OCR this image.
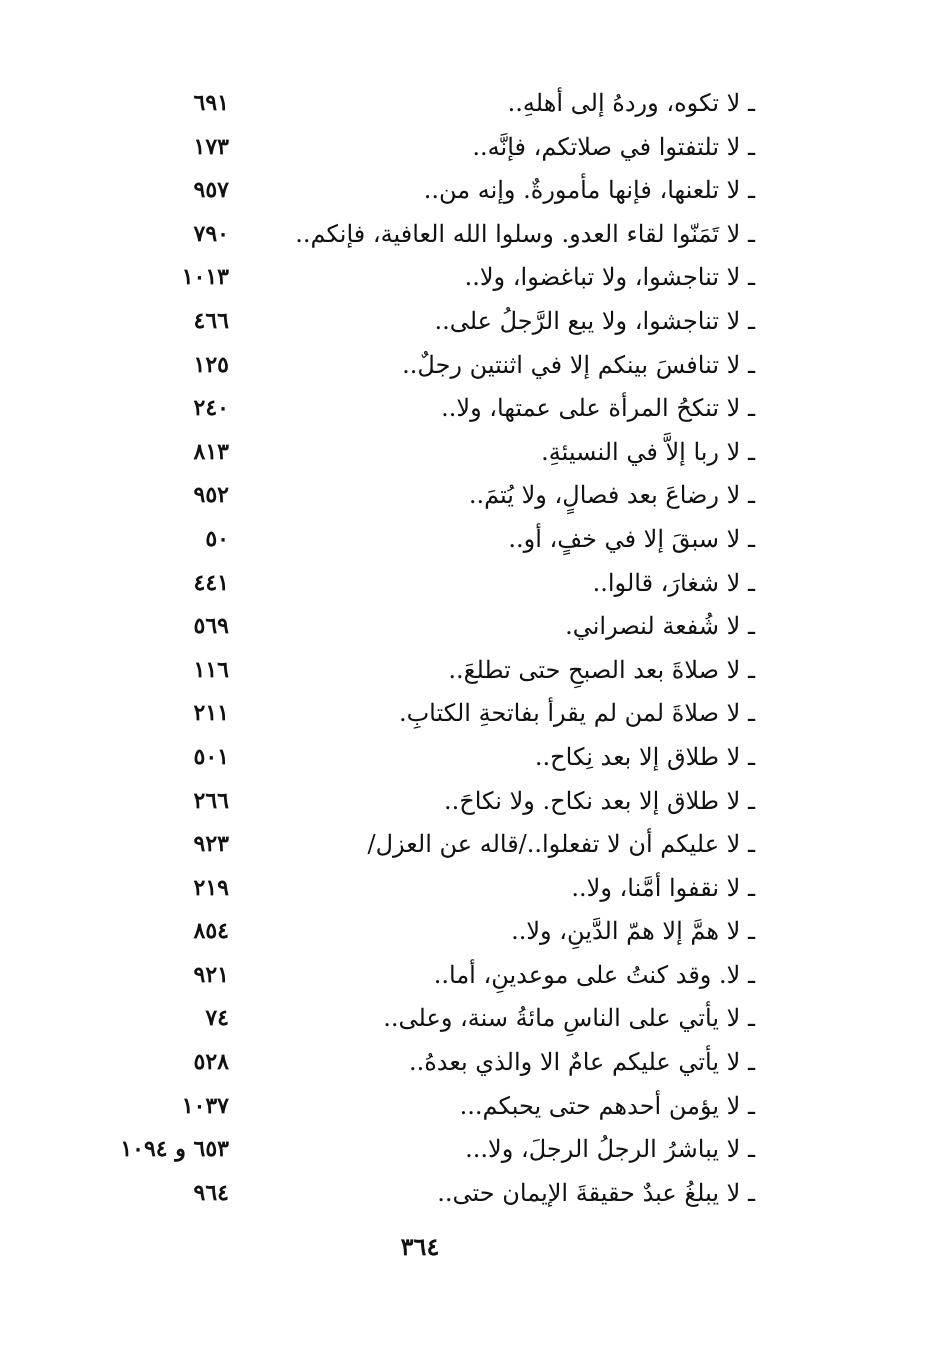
ـ لا تكوه، وردهُ إلى أهلهِ..
٦٩١
ـ لا تلتفتوا في صلاتكم، فإنَّه..
١٧٣
ـ لا تلعنها، فإنها مأمورةٌ. وإنه من..
٩٥٧
ـ لا تَمَنّوا لقاء العدو. وسلوا الله العافية، فإنكم..
٧٩٠
ـ لا تناجشوا، ولا تباغضوا، ولا..
١٠١٣
ـ لا تناجشوا، ولا يبع الرَّجلُ على..
٤٦٦
ـ لا تنافسَ بينكم إلا في اثنتين رجلٌ..
١٢٥
ـ لا تنكحُ المرأة على عمتها، ولا..
٢٤٠
ـ لا ربا إلاَّ في النسيئةِ.
٨١٣
ـ لا رضاعَ بعد فصالٍ، ولا يُتمَ..
٩٥٢
ـ لا سبقَ إلا في خفٍ، أو..
٥٠
ـ لا شغارَ، قالوا..
٤٤١
ـ لا شُفعة لنصراني.
٥٦٩
ـ لا صلاةَ بعد الصبحِ حتى تطلعَ..
١١٦
ـ لا صلاةَ لمن لم يقرأ بفاتحةِ الكتابِ.
٢١١
ـ لا طلاق إلا بعد نِكاح..
٥٠١
ـ لا طلاق إلا بعد نكاح. ولا نكاحَ..
٢٦٦
ـ لا عليكم أن لا تفعلوا../قاله عن العزل/
٩٢٣
ـ لا نقفوا أمَّنا، ولا..
٢١٩
ـ لا همَّ إلا همّ الدَّينِ، ولا..
٨٥٤
ـ لا. وقد كنتُ على موعدينِ، أما..
٩٢١
ـ لا يأتي على الناسِ مائةُ سنة، وعلى..
٧٤
ـ لا يأتي عليكم عامٌ الا والذي بعدهُ..
٥٢٨
ـ لا يؤمن أحدهم حتى يحبكم...
١٠٣٧
ـ لا يباشرُ الرجلُ الرجلَ، ولا...
٦٥٣ و ١٠٩٤
ـ لا يبلغُ عبدٌ حقيقةَ الإيمان حتى..
٩٦٤
٣٦٤
